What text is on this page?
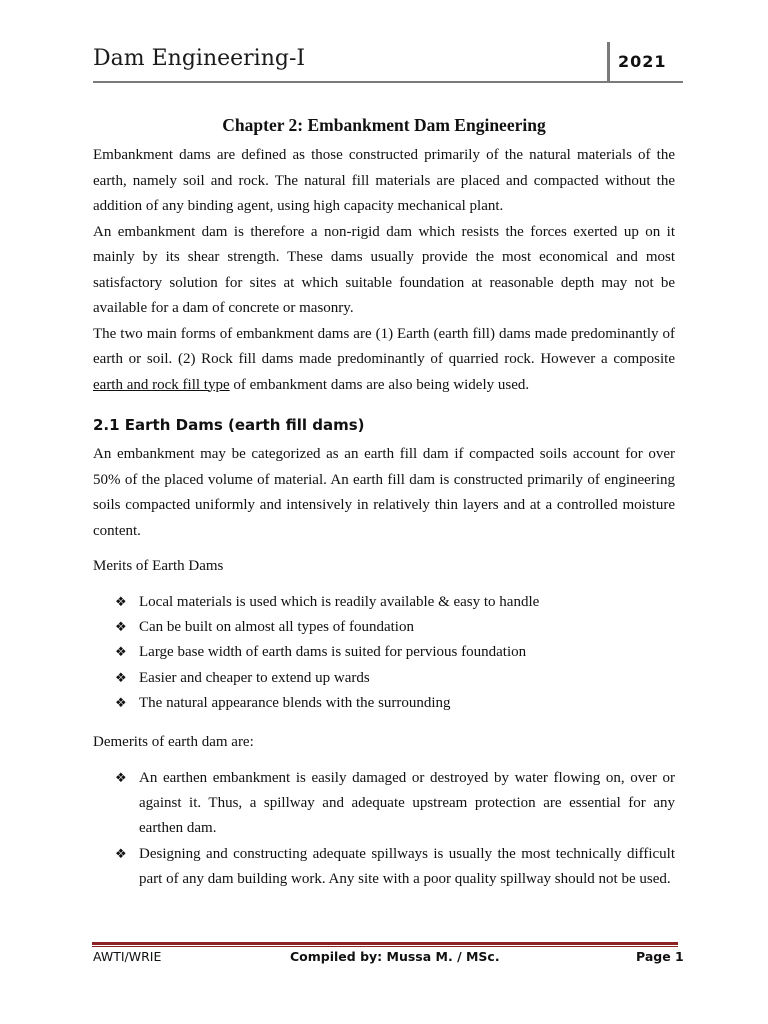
Dam Engineering-I	2021
Chapter 2: Embankment Dam Engineering

Embankment dams are defined as those constructed primarily of the natural materials of the earth, namely soil and rock. The natural fill materials are placed and compacted without the addition of any binding agent, using high capacity mechanical plant.

An embankment dam is therefore a non-rigid dam which resists the forces exerted up on it mainly by its shear strength. These dams usually provide the most economical and most satisfactory solution for sites at which suitable foundation at reasonable depth may not be available for a dam of concrete or masonry.

The two main forms of embankment dams are (1) Earth (earth fill) dams made predominantly of earth or soil. (2) Rock fill dams made predominantly of quarried rock. However a composite earth and rock fill type of embankment dams are also being widely used.

2.1 Earth Dams (earth fill dams)

An embankment may be categorized as an earth fill dam if compacted soils account for over 50% of the placed volume of material. An earth fill dam is constructed primarily of engineering soils compacted uniformly and intensively in relatively thin layers and at a controlled moisture content.

Merits of Earth Dams

❖ Local materials is used which is readily available & easy to handle
❖ Can be built on almost all types of foundation
❖ Large base width of earth dams is suited for pervious foundation
❖ Easier and cheaper to extend up wards
❖ The natural appearance blends with the surrounding

Demerits of earth dam are:

❖ An earthen embankment is easily damaged or destroyed by water flowing on, over or against it. Thus, a spillway and adequate upstream protection are essential for any earthen dam.
❖ Designing and constructing adequate spillways is usually the most technically difficult part of any dam building work. Any site with a poor quality spillway should not be used.
AWTI/WRIE	Compiled by: Mussa M. / MSc.	Page 1
